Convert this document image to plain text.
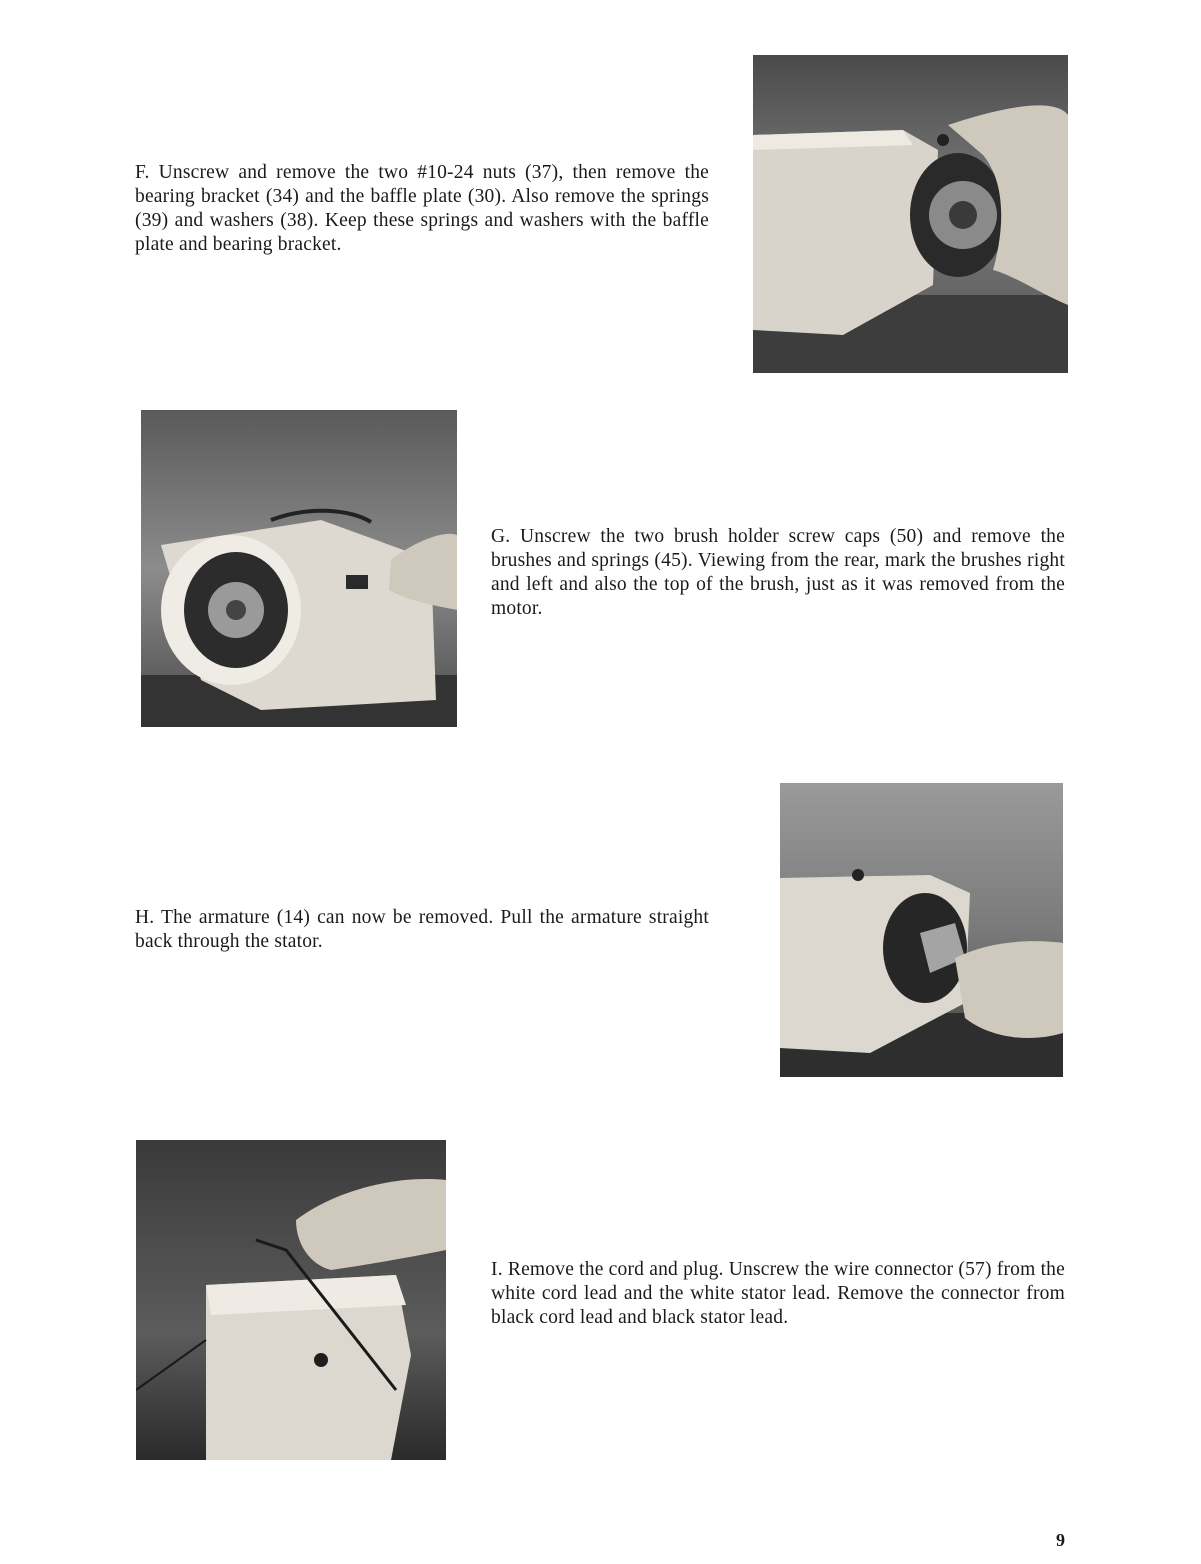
F. Unscrew and remove the two #10-24 nuts (37), then remove the bearing bracket (34) and the baffle plate (30). Also remove the springs (39) and washers (38). Keep these springs and washers with the baffle plate and bearing bracket.

G. Unscrew the two brush holder screw caps (50) and remove the brushes and springs (45). Viewing from the rear, mark the brushes right and left and also the top of the brush, just as it was removed from the motor.

H. The armature (14) can now be removed. Pull the armature straight back through the stator.

I. Remove the cord and plug. Unscrew the wire connector (57) from the white cord lead and the white stator lead. Remove the connector from black cord lead and black stator lead.

9
